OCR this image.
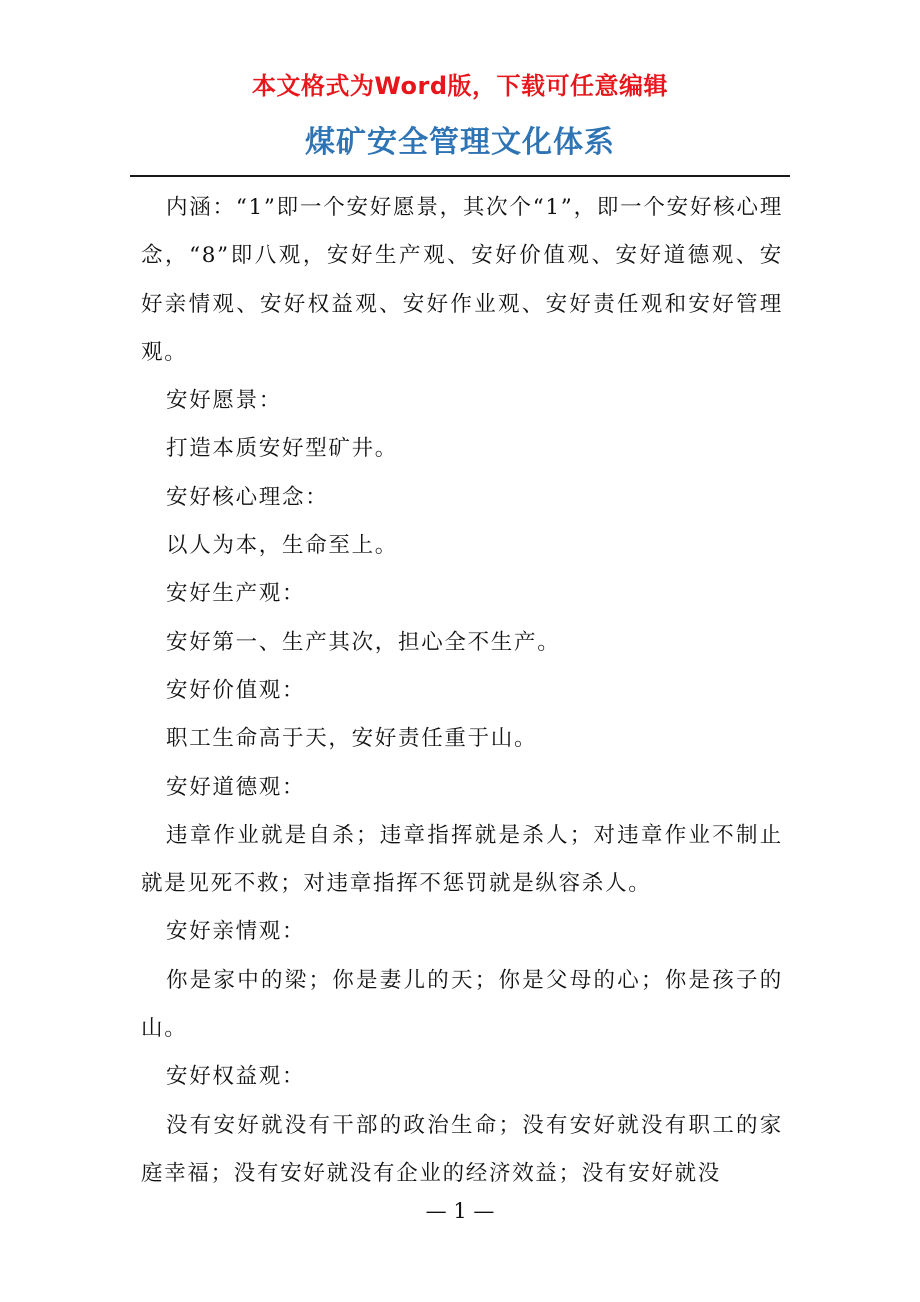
本文格式为Word版，下载可任意编辑
煤矿安全管理文化体系

内涵：“1”即一个安好愿景，其次个“1”，即一个安好核心理念，“8”即八观，安好生产观、安好价值观、安好道德观、安好亲情观、安好权益观、安好作业观、安好责任观和安好管理观。

安好愿景：

打造本质安好型矿井。

安好核心理念：

以人为本，生命至上。

安好生产观：

安好第一、生产其次，担心全不生产。

安好价值观：

职工生命高于天，安好责任重于山。

安好道德观：

违章作业就是自杀；违章指挥就是杀人；对违章作业不制止就是见死不救；对违章指挥不惩罚就是纵容杀人。

安好亲情观：

你是家中的梁；你是妻儿的天；你是父母的心；你是孩子的山。

安好权益观：

没有安好就没有干部的政治生命；没有安好就没有职工的家庭幸福；没有安好就没有企业的经济效益；没有安好就没

— 1 —
